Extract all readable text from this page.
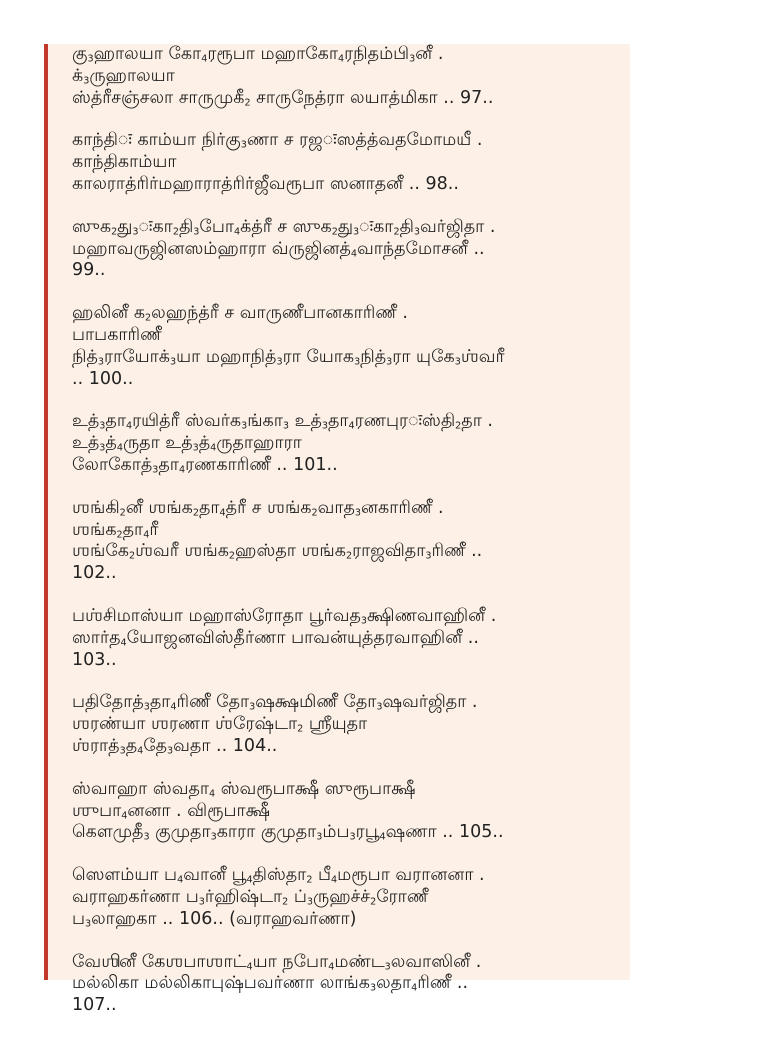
க$_3$ஹலய க$_4$ரரப மஹக$_4$ரநதமப$_3$ன .
க$_3$ரஹலய
ஸதரசஞசல சரமக$_2$ சரநதர லயதமக .. 97..
கநதः கமய நரக$_3$ண ச ரஜःஸததவதமமய .
கநதகமய
கலரதரரமஹரதரரஜவரப ஸனதன .. 98..
ஸக$_2$த$_3$ःக$_2$த$_3$ப$_4$கதர ச ஸக$_2$த$_3$ःக$_2$த$_3$வரஜத .
மஹவரஜனஸமஹர வரஜனத$_4$வநதமசன ..
99..
ஹலன க$_2$லஹநதர ச வரணபனகரண .
பபகரண
நத$_3$ரயக$_3$ய மஹநத$_3$ர யக$_3$நத$_3$ர யக$_3$ஶவர
.. 100..
உத$_3$த$_4$ரயதர ஸவரக$_3$ஙக$_3$ உத$_3$த$_4$ரணபரःஸத$_2$த .
உத$_3$த$_4$ரத உத$_3$த$_4$ரதஹர
லகத$_3$த$_4$ரணகரண .. 101..
ஶஙக$_2$ன ஶஙக$_2$த$_4$தர ச ஶஙக$_2$வத$_3$னகரண .
ஶஙக$_2$த$_4$ர
ஶஙக$_2$ஶவர ஶஙக$_2$ஹஸத ஶஙக$_2$ரஜவத$_3$ரண ..
102..
பஶசமஸய மஹஸரத பரவத$_3$கணவஹன .
ஸரத$_4$யஜனவஸதரண பவனயததரவஹன ..
103..
பததத$_3$த$_4$ரண த$_3$ஷகமண த$_3$ஷவரஜத .
ஶரணய ஶரண ஶரஷட$_2$ ஶயத
ஶரத$_3$த$_4$த$_3$வத .. 104..
ஸவஹ ஸவத$_4$ ஸவரபக ஸரபக
ஶப$_4$னன . வரபக
கமத$_3$ கமத$_3$கர கமத$_3$மப$_3$ரப$_4$ஷண .. 105..
ஸமய ப$_4$வன ப$_4$தஸத$_2$ ப$_4$மரப வரனன .
வரஹகரண ப$_3$ரஹஷட$_2$ ப$_3$ரஹசச$_2$ரண
ப$_3$லஹக .. 106.. (வரஹவரண)
வஶன கஶபஶட$_4$ய நப$_4$மணட$_3$லவஸன .
மலலக மலலகபஷபவரண லஙக$_3$லத$_4$ரண ..
107..
